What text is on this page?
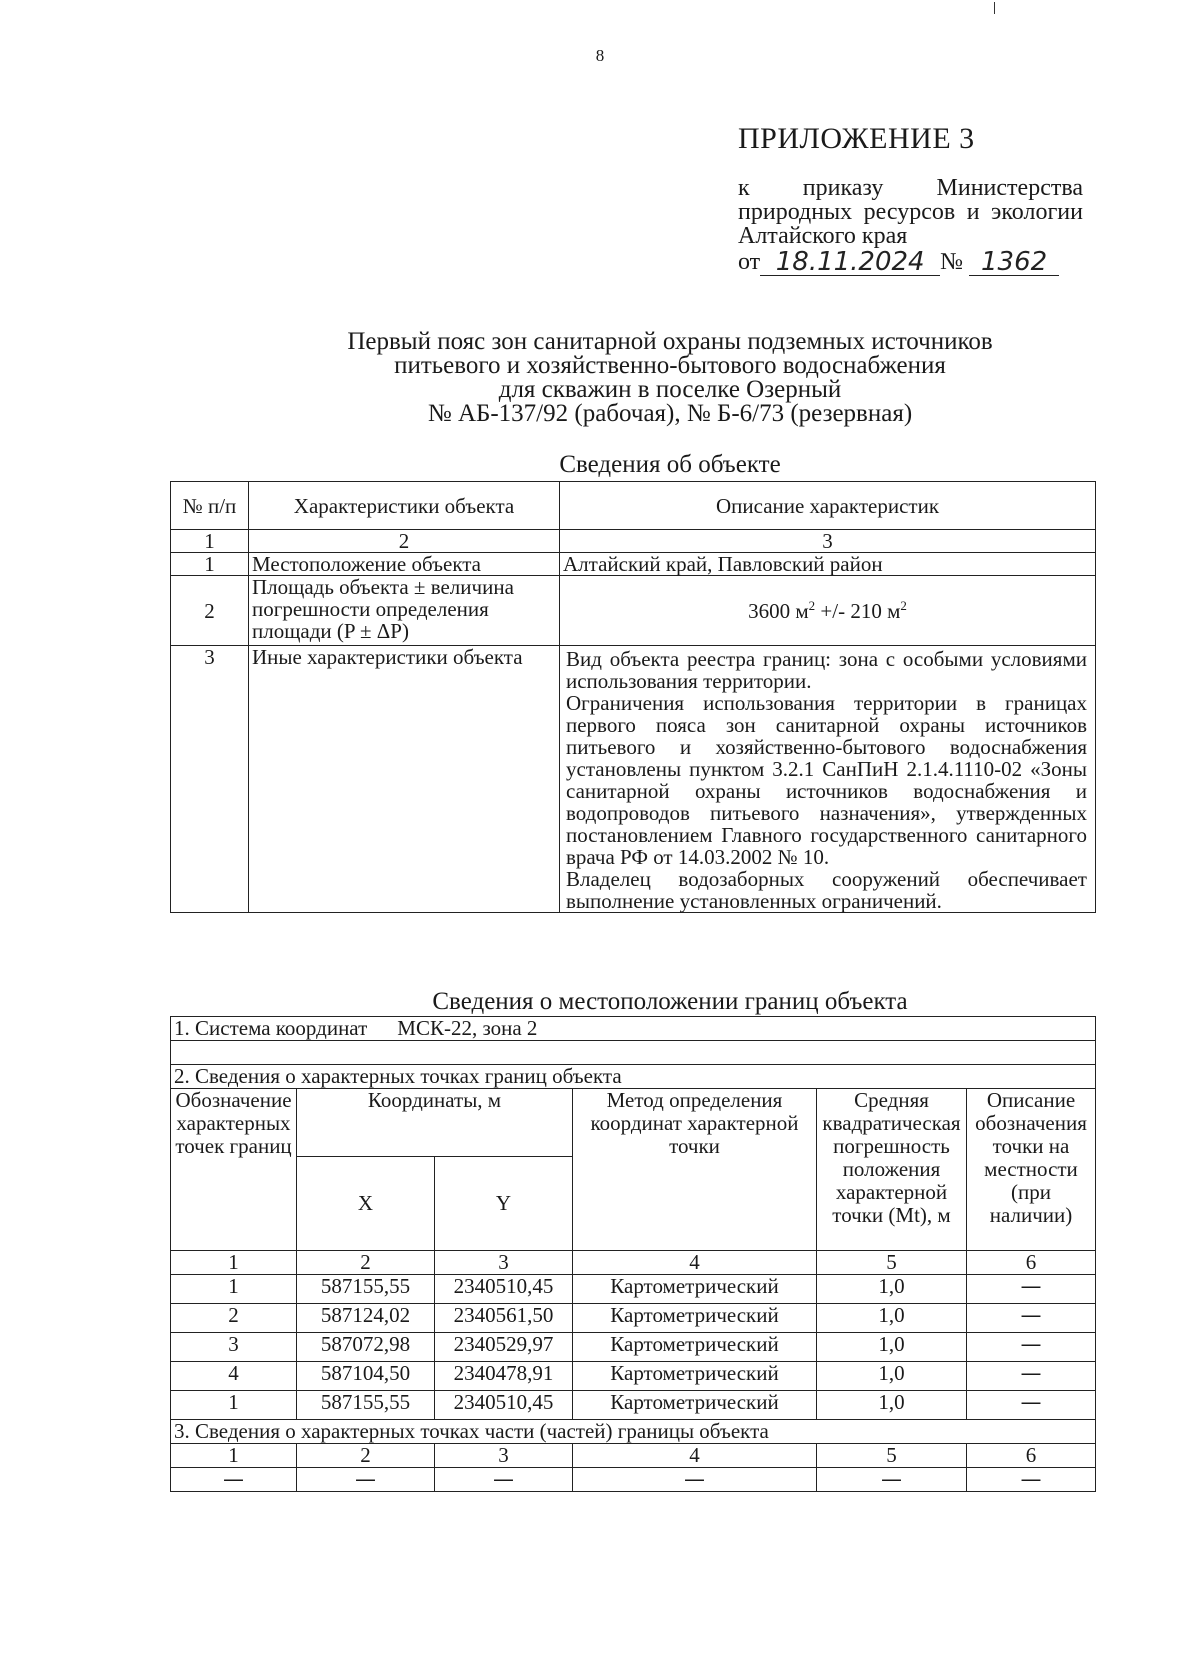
8
ПРИЛОЖЕНИЕ 3
к приказу Министерства природных ресурсов и экологии Алтайского края
от 18.11.2024 № 1362
Первый пояс зон санитарной охраны подземных источников
питьевого и хозяйственно-бытового водоснабжения
для скважин в поселке Озерный
№ АБ-137/92 (рабочая), № Б-6/73 (резервная)
Сведения об объекте
№ п/п	Характеристики объекта	Описание характеристик
1	2	3
1	Местоположение объекта	Алтайский край, Павловский район
2	Площадь объекта ± величина погрешности определения площади (P ± ΔP)	3600 $м^2$ +/- 210 $м^2$
3	Иные характеристики объекта	Вид объекта реестра границ: зона с особыми условиями использования территории.

Ограничения использования территории в границах первого пояса зон санитарной охраны источников питьевого и хозяйственно-бытового водоснабжения установлены пунктом 3.2.1 СанПиН 2.1.4.1110-02 «Зоны санитарной охраны источников водоснабжения и водопроводов питьевого назначения», утвержденных постановлением Главного государственного санитарного врача РФ от 14.03.2002 № 10.

Владелец водозаборных сооружений обеспечивает выполнение установленных ограничений.

Сведения о местоположении границ объекта
1. Система координат МСК-22, зона 2					

2. Сведения о характерных точках границ объекта					
Обозначение характерных точек границ	Координаты, м		Метод определения координат характерной точки	Средняя квадратическая погрешность положения характерной точки (Mt), м	Описание обозначения точки на местности (при наличии)
	X	Y			
1	2	3	4	5	6
1	587155,55	2340510,45	Картометрический	1,0	—
2	587124,02	2340561,50	Картометрический	1,0	—
3	587072,98	2340529,97	Картометрический	1,0	—
4	587104,50	2340478,91	Картометрический	1,0	—
1	587155,55	2340510,45	Картометрический	1,0	—
3. Сведения о характерных точках части (частей) границы объекта					
1	2	3	4	5	6
—	—	—	—	—	—
